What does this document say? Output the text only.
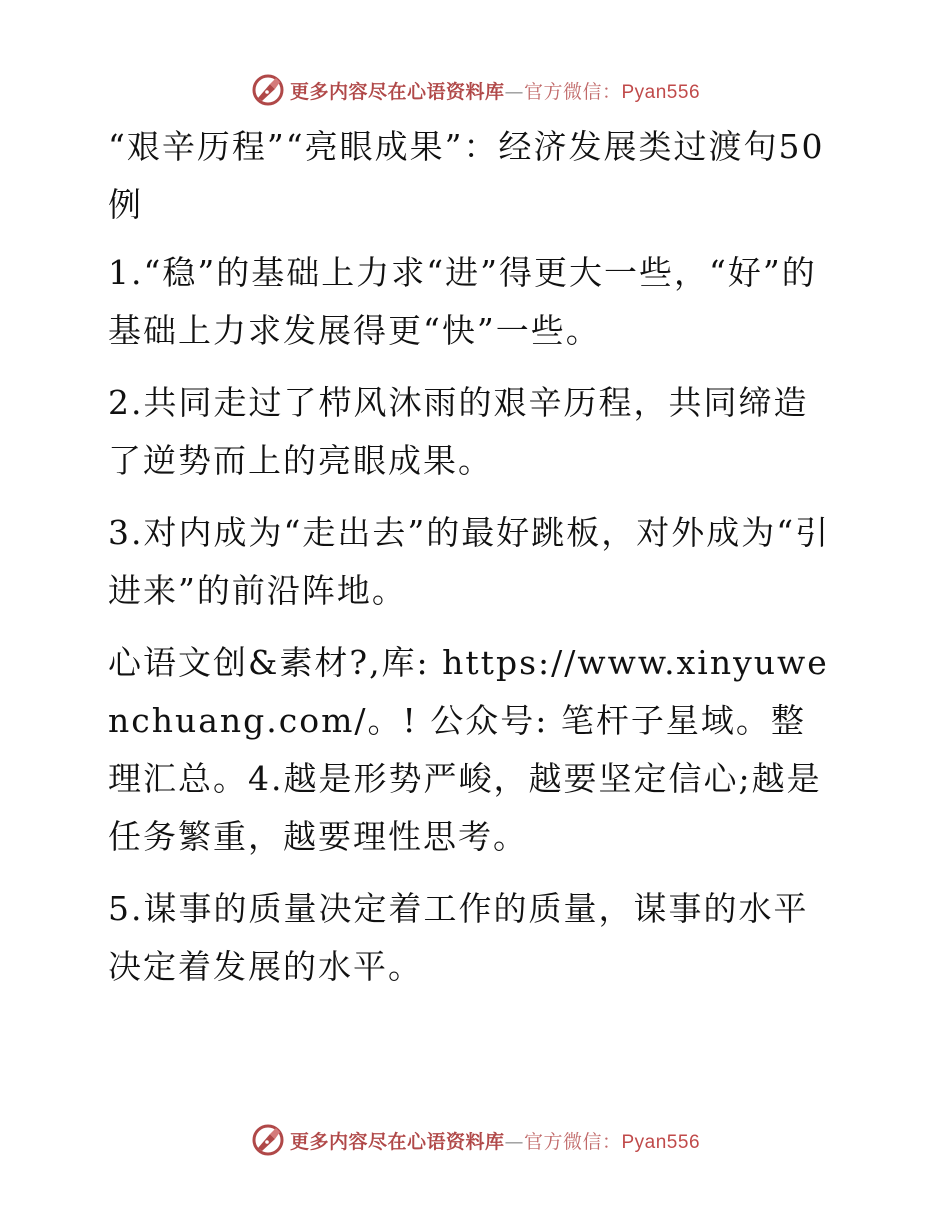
更多内容尽在心语资料库—官方微信：Pyan556

“艰辛历程”“亮眼成果”：经济发展类过渡句50例

1.“稳”的基础上力求“进”得更大一些，“好”的基础上力求发展得更“快”一些。

2.共同走过了栉风沐雨的艰辛历程，共同缔造了逆势而上的亮眼成果。

3.对内成为“走出去”的最好跳板，对外成为“引进来”的前沿阵地。

心语文创&素材?,库: https://www.xinyuwenchuang.com/。! 公众号: 笔杆子星域。整理汇总。4.越是形势严峻，越要坚定信心;越是任务繁重，越要理性思考。

5.谋事的质量决定着工作的质量，谋事的水平决定着发展的水平。

更多内容尽在心语资料库—官方微信：Pyan556
